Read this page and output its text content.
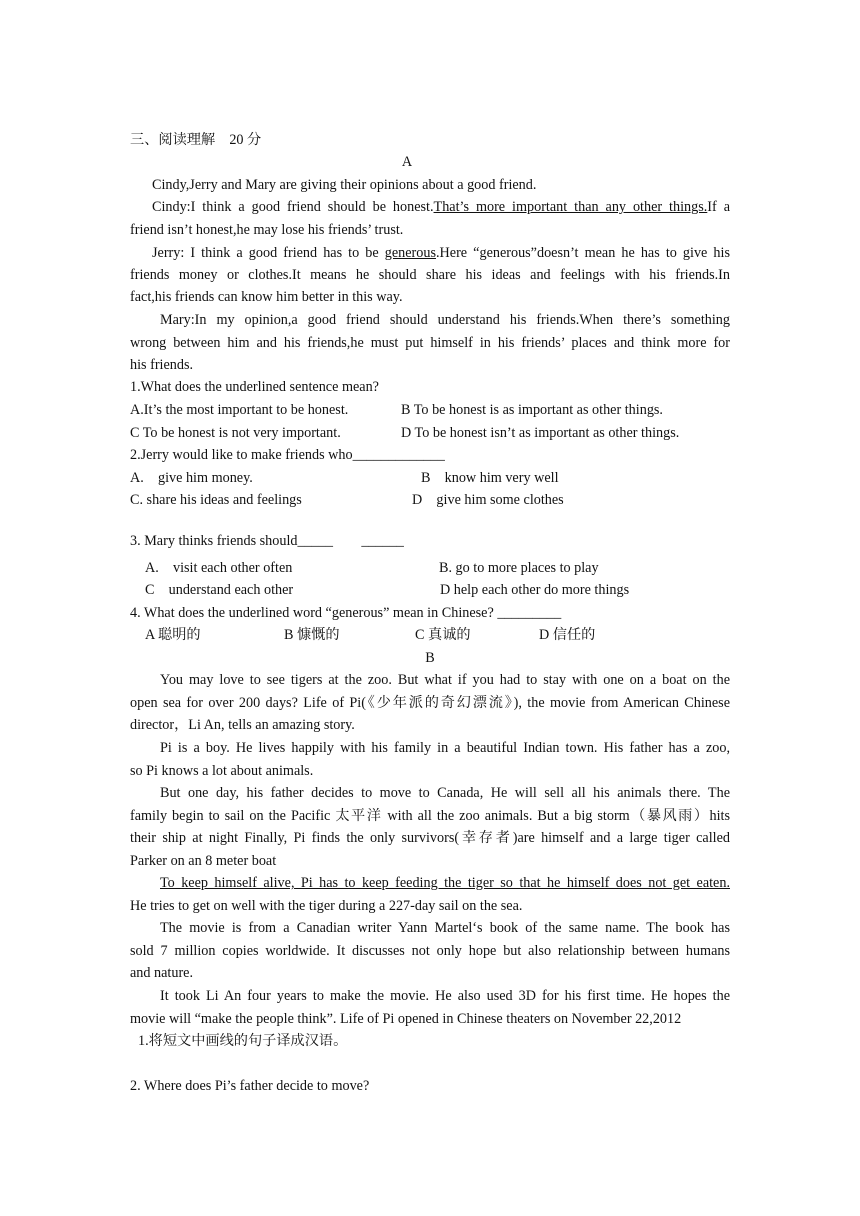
三、阅读理解　20 分
A
Cindy,Jerry and Mary are giving their opinions about a good friend.
Cindy:I think a good friend should be honest.That’s more important than any other things.If a
friend isn’t honest,he may lose his friends’ trust.
Jerry: I think a good friend has to be generous.Here “generous”doesn’t mean he has to give his
friends money or clothes.It means he should share his ideas and feelings with his friends.In
fact,his friends can know him better in this way.
Mary:In my opinion,a good friend should understand his friends.When there’s something
wrong between him and his friends,he must put himself in his friends’ places and think more for
his friends.
1.What does the underlined sentence mean?
A.It’s the most important to be honest.	B To be honest is as important as other things.
C To be honest is not very important.	D To be honest isn’t as important as other things.
2.Jerry would like to make friends who_____________
A.　give him money.	B　know him very well
C. share his ideas and feelings	D　give him some clothes
3. Mary thinks friends should_____　　______
A.　visit each other often	B. go to more places to play
C　understand each other	D help each other do more things
4. What does the underlined word “generous” mean in Chinese? _________
A 聪明的	B 慷慨的	C 真诚的	D 信任的
B
You may love to see tigers at the zoo. But what if you had to stay with one on a boat on the
open sea for over 200 days? Life of Pi(《少年派的奇幻漂流》), the movie from American Chinese
director，Li An, tells an amazing story.
Pi is a boy. He lives happily with his family in a beautiful Indian town. His father has a zoo,
so Pi knows a lot about animals.
But one day, his father decides to move to Canada, He will sell all his animals there. The
family begin to sail on the Pacific 太平洋 with all the zoo animals. But a big storm（暴风雨）hits
their ship at night Finally, Pi finds the only survivors(幸存者)are himself and a large tiger called
Parker on an 8 meter boat
To keep himself alive, Pi has to keep feeding the tiger so that he himself does not get eaten.
He tries to get on well with the tiger during a 227-day sail on the sea.
The movie is from a Canadian writer Yann Martel‘s book of the same name. The book has
sold 7 million copies worldwide. It discusses not only hope but also relationship between humans
and nature.
It took Li An four years to make the movie. He also used 3D for his first time. He hopes the
movie will “make the people think”. Life of Pi opened in Chinese theaters on November 22,2012
1.将短文中画线的句子译成汉语。
2. Where does Pi’s father decide to move?
